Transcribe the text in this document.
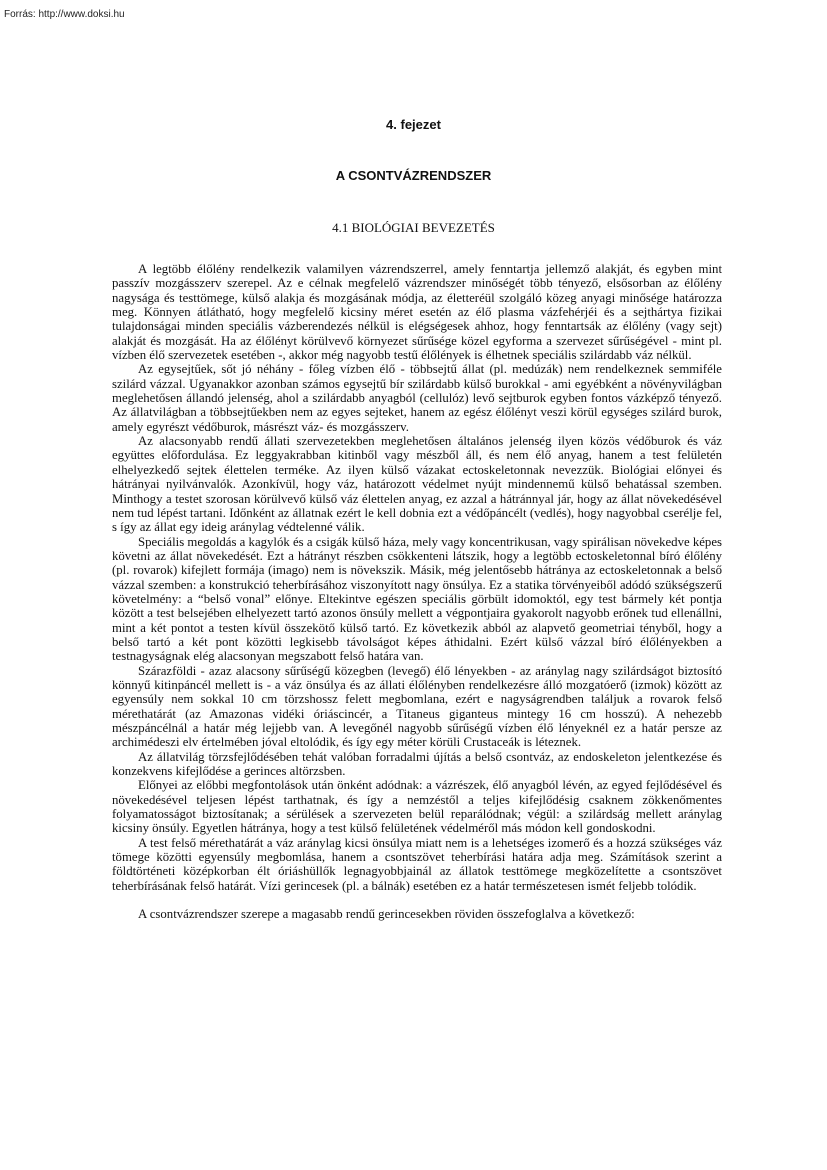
Forrás: http://www.doksi.hu
4. fejezet
A CSONTVÁZRENDSZER
4.1 BIOLÓGIAI BEVEZETÉS

A legtöbb élőlény rendelkezik valamilyen vázrendszerrel, amely fenntartja jellemző alakját, és egyben mint passzív mozgásszerv szerepel. Az e célnak megfelelő vázrendszer minőségét több tényező, elsősorban az élőlény nagysága és testtömege, külső alakja és mozgásának módja, az életteréül szolgáló közeg anyagi minősége határozza meg. Könnyen átlátható, hogy megfelelő kicsiny méret esetén az élő plasma vázfehérjéi és a sejthártya fizikai tulajdonságai minden speciális vázberendezés nélkül is elégségesek ahhoz, hogy fenntartsák az élőlény (vagy sejt) alakját és mozgását. Ha az élőlényt körülvevő környezet sűrűsége közel egyforma a szervezet sűrűségével - mint pl. vízben élő szervezetek esetében -, akkor még nagyobb testű élőlények is élhetnek speciális szilárdabb váz nélkül.

Az egysejtűek, sőt jó néhány - főleg vízben élő - többsejtű állat (pl. medúzák) nem rendelkeznek semmiféle szilárd vázzal. Ugyanakkor azonban számos egysejtű bír szilárdabb külső burokkal - ami egyébként a növényvilágban meglehetősen állandó jelenség, ahol a szilárdabb anyagból (cellulóz) levő sejtburok egyben fontos vázképző tényező. Az állatvilágban a többsejtűekben nem az egyes sejteket, hanem az egész élőlényt veszi körül egységes szilárd burok, amely egyrészt védőburok, másrészt váz- és mozgásszerv.

Az alacsonyabb rendű állati szervezetekben meglehetősen általános jelenség ilyen közös védőburok és váz együttes előfordulása. Ez leggyakrabban kitinből vagy mészből áll, és nem élő anyag, hanem a test felületén elhelyezkedő sejtek élettelen terméke. Az ilyen külső vázakat ectoskeletonnak nevezzük. Biológiai előnyei és hátrányai nyilvánvalók. Azonkívül, hogy váz, határozott védelmet nyújt mindennemű külső behatással szemben. Minthogy a testet szorosan körülvevő külső váz élettelen anyag, ez azzal a hátránnyal jár, hogy az állat növekedésével nem tud lépést tartani. Időnként az állatnak ezért le kell dobnia ezt a védőpáncélt (vedlés), hogy nagyobbal cserélje fel, s így az állat egy ideig aránylag védtelenné válik.

Speciális megoldás a kagylók és a csigák külső háza, mely vagy koncentrikusan, vagy spirálisan növekedve képes követni az állat növekedését. Ezt a hátrányt részben csökkenteni látszik, hogy a legtöbb ectoskeletonnal bíró élőlény (pl. rovarok) kifejlett formája (imago) nem is növekszik. Másik, még jelentősebb hátránya az ectoskeletonnak a belső vázzal szemben: a konstrukció teherbírásához viszonyított nagy önsúlya. Ez a statika törvényeiből adódó szükségszerű követelmény: a “belső vonal” előnye. Eltekintve egészen speciális görbült idomoktól, egy test bármely két pontja között a test belsejében elhelyezett tartó azonos önsúly mellett a végpontjaira gyakorolt nagyobb erőnek tud ellenállni, mint a két pontot a testen kívül összekötő külső tartó. Ez következik abból az alapvető geometriai tényből, hogy a belső tartó a két pont közötti legkisebb távolságot képes áthidalni. Ezért külső vázzal bíró élőlényekben a testnagyságnak elég alacsonyan megszabott felső határa van.

Szárazföldi - azaz alacsony sűrűségű közegben (levegő) élő lényekben - az aránylag nagy szilárdságot biztosító könnyű kitinpáncél mellett is - a váz önsúlya és az állati élőlényben rendelkezésre álló mozgatóerő (izmok) között az egyensúly nem sokkal 10 cm törzshossz felett megbomlana, ezért e nagyságrendben találjuk a rovarok felső mérethatárát (az Amazonas vidéki óriáscincér, a Titaneus giganteus mintegy 16 cm hosszú). A nehezebb mészpáncélnál a határ még lejjebb van. A levegőnél nagyobb sűrűségű vízben élő lényeknél ez a határ persze az archimédeszi elv értelmében jóval eltolódik, és így egy méter körüli Crustaceák is léteznek.

Az állatvilág törzsfejlődésében tehát valóban forradalmi újítás a belső csontváz, az endoskeleton jelentkezése és konzekvens kifejlődése a gerinces altörzsben.

Előnyei az előbbi megfontolások után önként adódnak: a vázrészek, élő anyagból lévén, az egyed fejlődésével és növekedésével teljesen lépést tarthatnak, és így a nemzéstől a teljes kifejlődésig csaknem zökkenőmentes folyamatosságot biztosítanak; a sérülések a szervezeten belül reparálódnak; végül: a szilárdság mellett aránylag kicsiny önsúly. Egyetlen hátránya, hogy a test külső felületének védelméről más módon kell gondoskodni.

A test felső mérethatárát a váz aránylag kicsi önsúlya miatt nem is a lehetséges izomerő és a hozzá szükséges váz tömege közötti egyensúly megbomlása, hanem a csontszövet teherbírási határa adja meg. Számítások szerint a földtörténeti középkorban élt óriáshüllők legnagyobbjainál az állatok testtömege megközelítette a csontszövet teherbírásának felső határát. Vízi gerincesek (pl. a bálnák) esetében ez a határ természetesen ismét feljebb tolódik.

A csontvázrendszer szerepe a magasabb rendű gerincesekben röviden összefoglalva a következő:
